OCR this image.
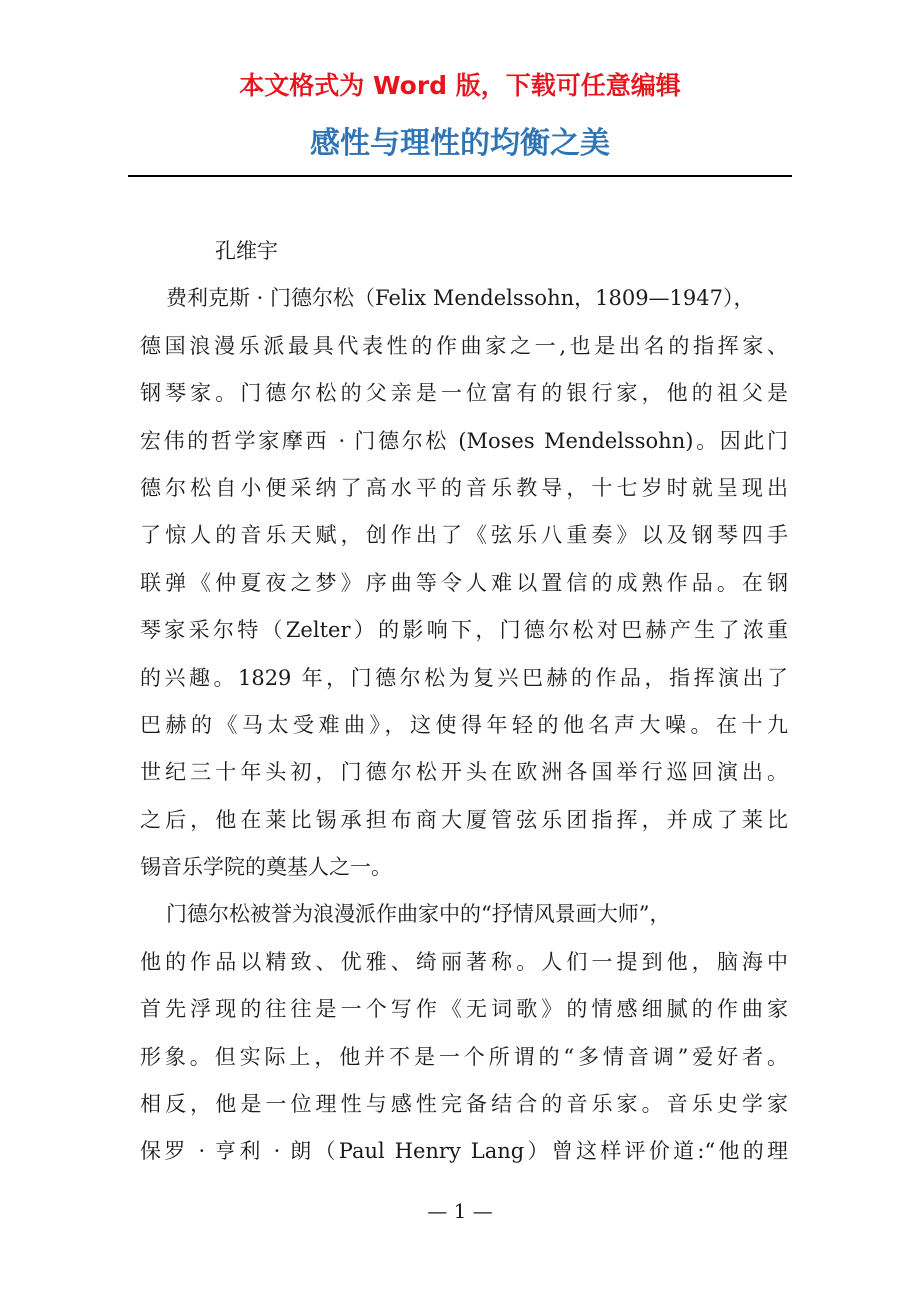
本文格式为 Word 版，下载可任意编辑
感性与理性的均衡之美
孔维宇
费利克斯 · 门德尔松（Felix Mendelssohn，1809—1947），
德国浪漫乐派最具代表性的作曲家之一,也是出名的指挥家、
钢琴家。门德尔松的父亲是一位富有的银行家，他的祖父是
宏伟的哲学家摩西 · 门德尔松 (Moses Mendelssohn)。因此门
德尔松自小便采纳了高水平的音乐教导，十七岁时就呈现出
了惊人的音乐天赋，创作出了《弦乐八重奏》以及钢琴四手
联弹《仲夏夜之梦》序曲等令人难以置信的成熟作品。在钢
琴家采尔特（Zelter）的影响下，门德尔松对巴赫产生了浓重
的兴趣。1829 年，门德尔松为复兴巴赫的作品，指挥演出了
巴赫的《马太受难曲》，这使得年轻的他名声大噪。在十九
世纪三十年头初，门德尔松开头在欧洲各国举行巡回演出。
之后，他在莱比锡承担布商大厦管弦乐团指挥，并成了莱比
锡音乐学院的奠基人之一。
门德尔松被誉为浪漫派作曲家中的“抒情风景画大师”，
他的作品以精致、优雅、绮丽著称。人们一提到他，脑海中
首先浮现的往往是一个写作《无词歌》的情感细腻的作曲家
形象。但实际上，他并不是一个所谓的“多情音调”爱好者。
相反，他是一位理性与感性完备结合的音乐家。音乐史学家
保罗 · 亨利 · 朗（Paul Henry Lang）曾这样评价道:“他的理
— 1 —
